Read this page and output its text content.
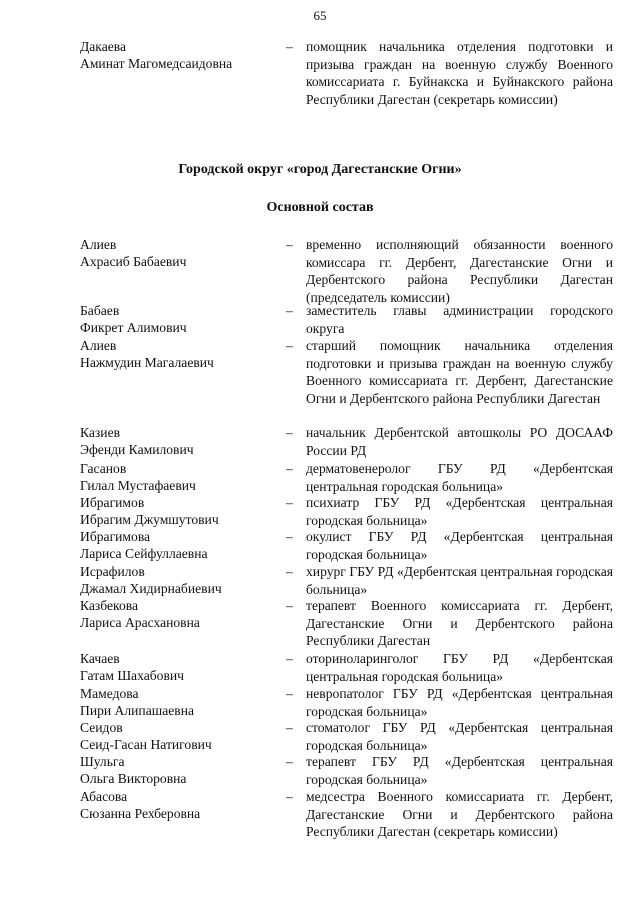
65
Дакаева
Аминат Магомедсаидовна
– помощник начальника отделения подготовки и призыва граждан на военную службу Военного комиссариата г. Буйнакска и Буйнакского района Республики Дагестан (секретарь комиссии)
Городской округ «город Дагестанские Огни»
Основной состав
Алиев
Ахрасиб Бабаевич
– временно исполняющий обязанности военного комиссара гг. Дербент, Дагестанские Огни и Дербентского района Республики Дагестан (председатель комиссии)
Бабаев
Фикрет Алимович
– заместитель главы администрации городского округа
Алиев
Нажмудин Магалаевич
– старший помощник начальника отделения подготовки и призыва граждан на военную службу Военного комиссариата гг. Дербент, Дагестанские Огни и Дербентского района Республики Дагестан
Казиев
Эфенди Камилович
– начальник Дербентской автошколы РО ДОСААФ России РД
Гасанов
Гилал Мустафаевич
– дерматовенеролог ГБУ РД «Дербентская центральная городская больница»
Ибрагимов
Ибрагим Джумшутович
– психиатр ГБУ РД «Дербентская центральная городская больница»
Ибрагимова
Лариса Сейфуллаевна
– окулист ГБУ РД «Дербентская центральная городская больница»
Исрафилов
Джамал Хидирнабиевич
– хирург ГБУ РД «Дербентская центральная городская больница»
Казбекова
Лариса Арасхановна
– терапевт Военного комиссариата гг. Дербент, Дагестанские Огни и Дербентского района Республики Дагестан
Качаев
Гатам Шахабович
– оториноларинголог ГБУ РД «Дербентская центральная городская больница»
Мамедова
Пири Алипашаевна
– невропатолог ГБУ РД «Дербентская центральная городская больница»
Сеидов
Сеид-Гасан Натигович
– стоматолог ГБУ РД «Дербентская центральная городская больница»
Шульга
Ольга Викторовна
– терапевт ГБУ РД «Дербентская центральная городская больница»
Абасова
Сюзанна Рехберовна
– медсестра Военного комиссариата гг. Дербент, Дагестанские Огни и Дербентского района Республики Дагестан (секретарь комиссии)
